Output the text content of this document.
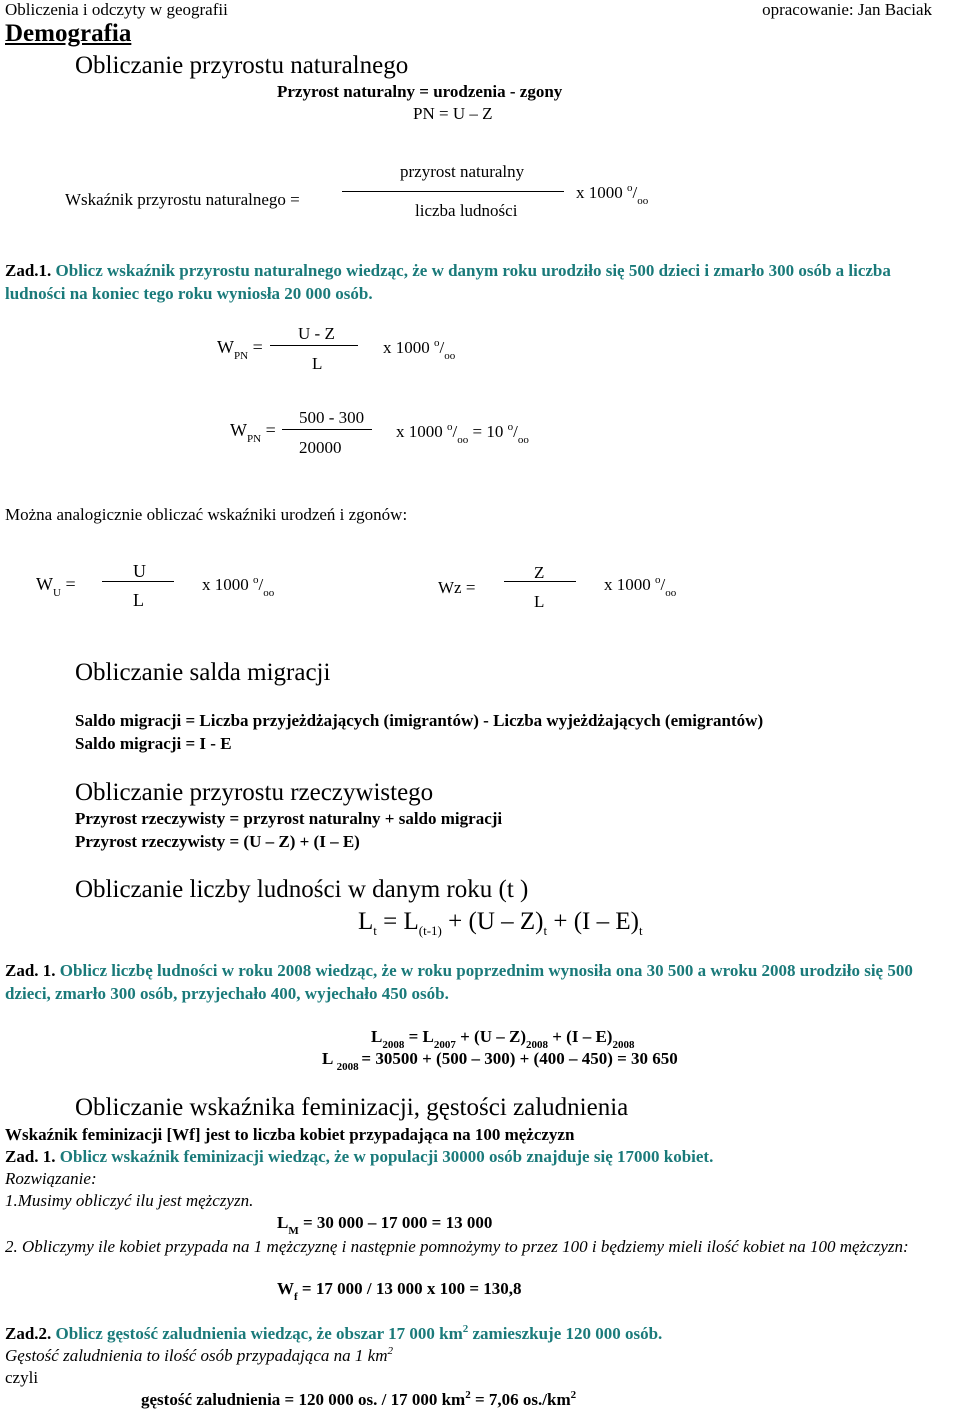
Obliczenia i odczyty w geografii	opracowanie: Jan Baciak
Demografia
Obliczanie przyrostu naturalnego
Przyrost naturalny = urodzenia - zgony
PN = U – Z
Wskaźnik przyrostu naturalnego =
przyrost naturalny
liczba ludności
x 1000 $^o/_{oo}$
Zad.1. Oblicz wskaźnik przyrostu naturalnego wiedząc, że w danym roku urodziło się 500 dzieci i zmarło 300 osób a liczba ludności na koniec tego roku wyniosła 20 000 osób.
$W_{PN}$ =
U - Z
L
x 1000 $^o/_{oo}$
$W_{PN}$ =
500 - 300
20000
x 1000 $^o/_{oo} = 10$ $^o/_{oo}$
Można analogicznie obliczać wskaźniki urodzeń i zgonów:
$W_U$ =
U
L
x 1000 $^o/_{oo}$	Wz =
Z
L
x 1000 $^o/_{oo}$
Obliczanie salda migracji
Saldo migracji = Liczba przyjeżdżających (imigrantów) - Liczba wyjeżdżających (emigrantów)
Saldo migracji = I - E
Obliczanie przyrostu rzeczywistego
Przyrost rzeczywisty = przyrost naturalny + saldo migracji
Przyrost rzeczywisty = (U – Z) + (I – E)
Obliczanie liczby ludności w danym roku (t )
$L_t = L_{(t-1)} + (U - Z)_t + (I - E)_t$
Zad. 1. Oblicz liczbę ludności w roku 2008 wiedząc, że w roku poprzednim wynosiła ona 30 500 a wroku 2008 urodziło się 500 dzieci, zmarło 300 osób, przyjechało 400, wyjechało 450 osób.
$L_{2008} = L_{2007} + (U - Z)_{2008} + (I - E)_{2008}$
L $_{2008}$ = 30500 + (500 – 300) + (400 – 450) = 30 650
Obliczanie wskaźnika feminizacji, gęstości zaludnienia
Wskaźnik feminizacji [Wf] jest to liczba kobiet przypadająca na 100 mężczyzn
Zad. 1. Oblicz wskaźnik feminizacji wiedząc, że w populacji 30000 osób znajduje się 17000 kobiet.
Rozwiązanie:
1.Musimy obliczyć ilu jest mężczyzn.
$L_M = 30$ 000 – 17 000 = 13 000
2. Obliczymy ile kobiet przypada na 1 mężczyznę i następnie pomnożymy to przez 100 i będziemy mieli ilość kobiet na 100 mężczyzn:
$W_f = 17$ 000 / 13 000 x 100 = 130,8
Zad.2. Oblicz gęstość zaludnienia wiedząc, że obszar 17 000 $km^2$ zamieszkuje 120 000 osób.
Gęstość zaludnienia to ilość osób przypadająca na 1 $km^2$
czyli
gęstość zaludnienia = 120 000 os. / 17 000 $km^2 = 7,06$ $os./km^2$
